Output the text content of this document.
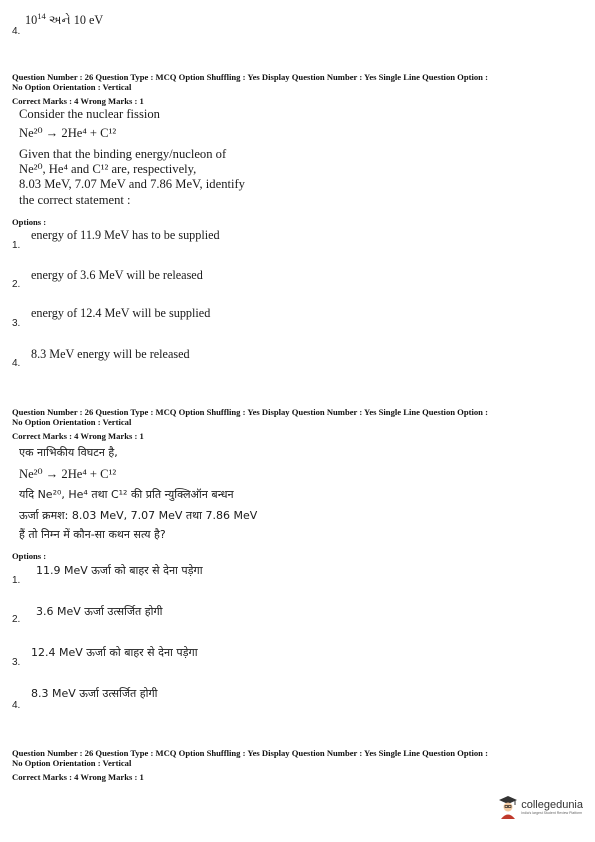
4.
$10^{14}$ અને 10 eV
Question Number : 26 Question Type : MCQ Option Shuffling : Yes Display Question Number : Yes Single Line Question Option :
No Option Orientation : Vertical
Correct Marks : 4 Wrong Marks : 1
Consider the nuclear fission
Ne²⁰ → 2He⁴ + C¹²
Given that the binding energy/nucleon of
Ne²⁰, He⁴ and C¹² are, respectively,
8.03 MeV, 7.07 MeV and 7.86 MeV, identify
the correct statement :
Options :
1.
energy of 11.9 MeV has to be supplied
2.
energy of 3.6 MeV will be released
3.
energy of 12.4 MeV will be supplied
4.
8.3 MeV energy will be released
Question Number : 26 Question Type : MCQ Option Shuffling : Yes Display Question Number : Yes Single Line Question Option :
No Option Orientation : Vertical
Correct Marks : 4 Wrong Marks : 1
एक नाभिकीय विघटन है,
Ne²⁰ → 2He⁴ + C¹²
यदि Ne²⁰, He⁴ तथा C¹² की प्रति न्युक्लिऑन बन्धन
ऊर्जा क्रमश: 8.03 MeV, 7.07 MeV तथा 7.86 MeV
हैं तो निम्न में कौन-सा कथन सत्य है?
Options :
1.
11.9 MeV ऊर्जा को बाहर से देना पड़ेगा
2.
3.6 MeV ऊर्जा उत्सर्जित होगी
3.
12.4 MeV ऊर्जा को बाहर से देना पड़ेगा
4.
8.3 MeV ऊर्जा उत्सर्जित होगी
Question Number : 26 Question Type : MCQ Option Shuffling : Yes Display Question Number : Yes Single Line Question Option :
No Option Orientation : Vertical
Correct Marks : 4 Wrong Marks : 1
collegedunia
India's largest Student Review Platform
